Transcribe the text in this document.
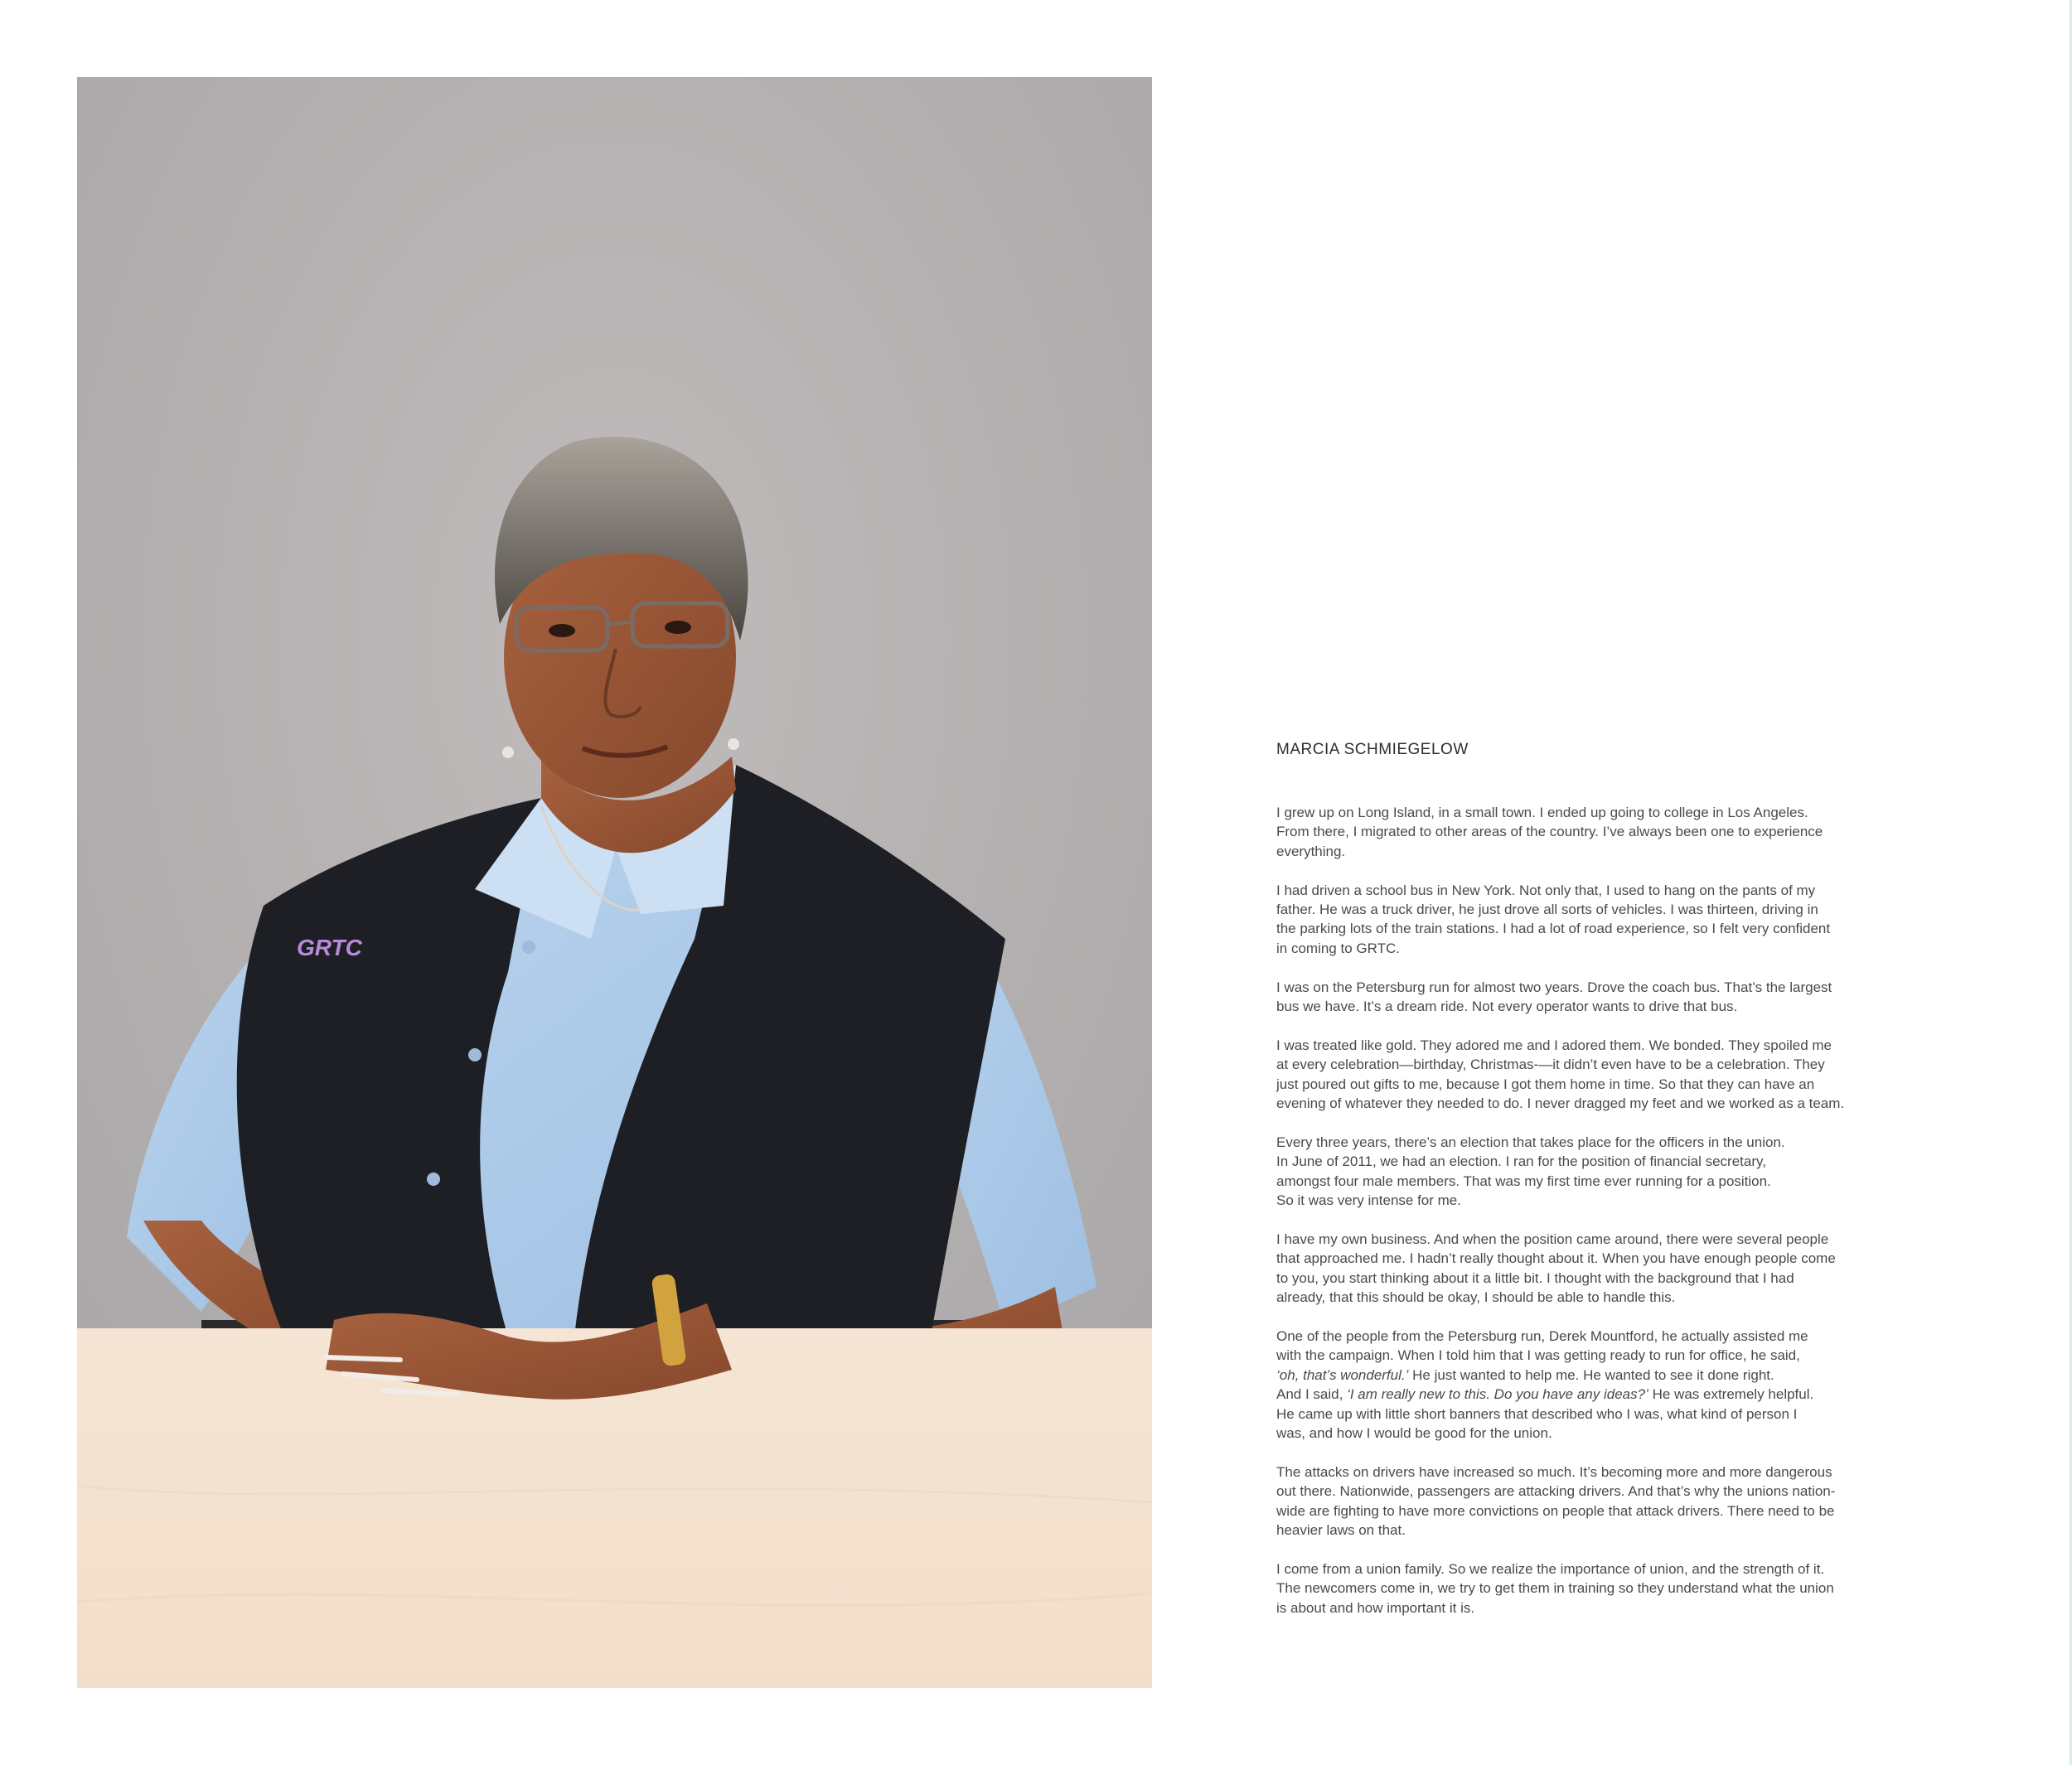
GRTC
MARCIA SCHMIEGELOW
I grew up on Long Island, in a small town. I ended up going to college in Los Angeles.
From there, I migrated to other areas of the country. I’ve always been one to experience
everything.
I had driven a school bus in New York. Not only that, I used to hang on the pants of my
father. He was a truck driver, he just drove all sorts of vehicles. I was thirteen, driving in
the parking lots of the train stations. I had a lot of road experience, so I felt very confident
in coming to GRTC.
I was on the Petersburg run for almost two years. Drove the coach bus. That’s the largest
bus we have. It’s a dream ride. Not every operator wants to drive that bus.
I was treated like gold. They adored me and I adored them. We bonded. They spoiled me
at every celebration—birthday, Christmas-—it didn’t even have to be a celebration. They
just poured out gifts to me, because I got them home in time. So that they can have an
evening of whatever they needed to do. I never dragged my feet and we worked as a team.
Every three years, there’s an election that takes place for the officers in the union.
In June of 2011, we had an election. I ran for the position of financial secretary,
amongst four male members. That was my first time ever running for a position.
So it was very intense for me.
I have my own business. And when the position came around, there were several people
that approached me. I hadn’t really thought about it. When you have enough people come
to you, you start thinking about it a little bit. I thought with the background that I had
already, that this should be okay, I should be able to handle this.
One of the people from the Petersburg run, Derek Mountford, he actually assisted me
with the campaign. When I told him that I was getting ready to run for office, he said,
‘oh, that’s wonderful.’ He just wanted to help me. He wanted to see it done right.
And I said, ‘I am really new to this. Do you have any ideas?’ He was extremely helpful.
He came up with little short banners that described who I was, what kind of person I
was, and how I would be good for the union.
The attacks on drivers have increased so much. It’s becoming more and more dangerous
out there. Nationwide, passengers are attacking drivers. And that’s why the unions nation-
wide are fighting to have more convictions on people that attack drivers. There need to be
heavier laws on that.
I come from a union family. So we realize the importance of union, and the strength of it.
The newcomers come in, we try to get them in training so they understand what the union
is about and how important it is.
